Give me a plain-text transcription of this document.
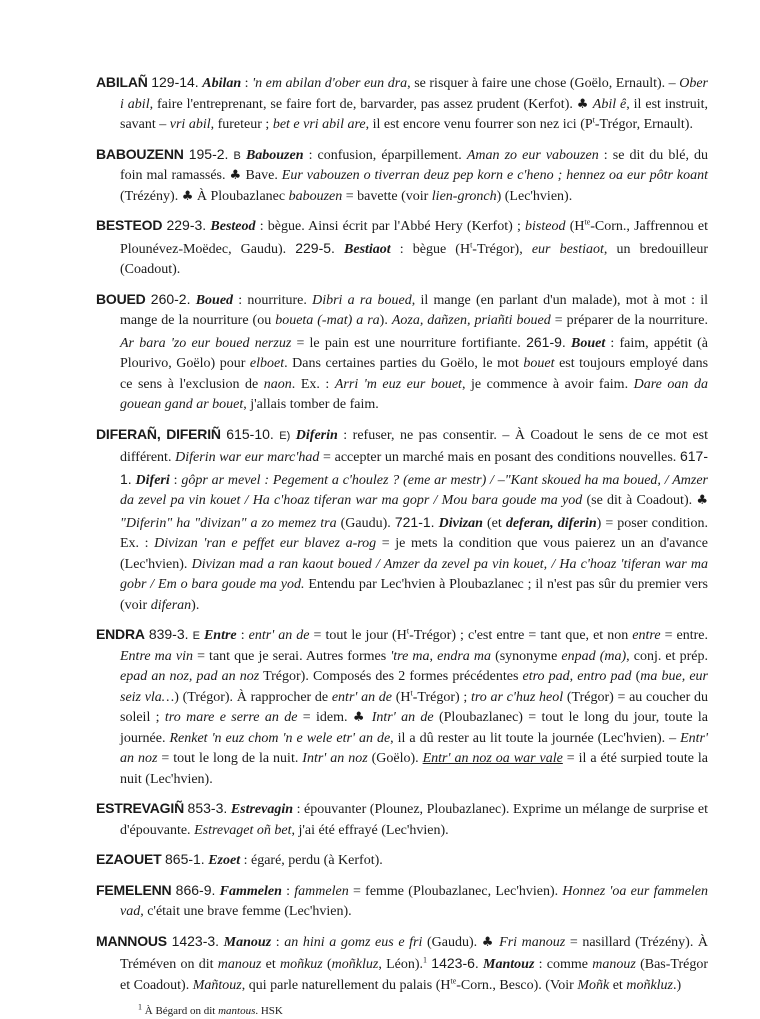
ABILAÑ 129-14. Abilan : 'n em abilan d'ober eun dra, se risquer à faire une chose (Goëlo, Ernault). – Ober i abil, faire l'entreprenant, se faire fort de, barvarder, pas assez prudent (Kerfot). ♣ Abil ê, il est instruit, savant – vri abil, fureteur ; bet e vri abil are, il est encore venu fourrer son nez ici ($P^t$-Trégor, Ernault).

BABOUZENN 195-2. B Babouzen : confusion, éparpillement. Aman zo eur vabouzen : se dit du blé, du foin mal ramassés. ♣ Bave. Eur vabouzen o tiverran deuz pep korn e c'heno ; hennez oa eur pôtr koant (Trézény). ♣ À Ploubazlanec babouzen = bavette (voir lien-gronch) (Lec'hvien).

BESTEOD 229-3. Besteod : bègue. Ainsi écrit par l'Abbé Hery (Kerfot) ; bisteod ($H^{te}$-Corn., Jaffrennou et Plounévez-Moëdec, Gaudu). 229-5. Bestiaot : bègue $(H^t-Trégor)$, eur bestiaot, un bredouilleur (Coadout).

BOUED 260-2. Boued : nourriture. Dibri a ra boued, il mange (en parlant d'un malade), mot à mot : il mange de la nourriture (ou boueta (-mat) a ra). Aoza, dañzen, priañti boued = préparer de la nourriture. Ar bara 'zo eur boued nerzuz = le pain est une nourriture fortifiante. 261-9. Bouet : faim, appétit (à Plourivo, Goëlo) pour elboet. Dans certaines parties du Goëlo, le mot bouet est toujours employé dans ce sens à l'exclusion de naon. Ex. : Arri 'm euz eur bouet, je commence à avoir faim. Dare oan da gouean gand ar bouet, j'allais tomber de faim.

DIFERAÑ, DIFERIÑ 615-10. E) Diferin : refuser, ne pas consentir. – À Coadout le sens de ce mot est différent. Diferin war eur marc'had = accepter un marché mais en posant des conditions nouvelles. 617-1. Diferi : gôpr ar mevel : Pegement a c'houlez ? (eme ar mestr) / –"Kant skoued ha ma boued, / Amzer da zevel pa vin kouet / Ha c'hoaz tiferan war ma gopr / Mou bara goude ma yod (se dit à Coadout). ♣ "Diferin" ha "divizan" a zo memez tra (Gaudu). 721-1. Divizan (et deferan, diferin) = poser condition. Ex. : Divizan 'ran e peffet eur blavez a-rog = je mets la condition que vous paierez un an d'avance (Lec'hvien). Divizan mad a ran kaout boued / Amzer da zevel pa vin kouet, / Ha c'hoaz 'tiferan war ma gobr / Em o bara goude ma yod. Entendu par Lec'hvien à Ploubazlanec ; il n'est pas sûr du premier vers (voir diferan).

ENDRA 839-3. E Entre : entr' an de = tout le jour $(H^t-Trégor)$ ; c'est entre = tant que, et non entre = entre. Entre ma vin = tant que je serai. Autres formes 'tre ma, endra ma (synonyme enpad (ma), conj. et prép. epad an noz, pad an noz Trégor). Composés des 2 formes précédentes etro pad, entro pad (ma bue, eur seiz vla…) (Trégor). À rapprocher de entr' an de $(H^t-Trégor)$ ; tro ar c'huz heol (Trégor) = au coucher du soleil ; tro mare e serre an de = idem. ♣ Intr' an de (Ploubazlanec) = tout le long du jour, toute la journée. Renket 'n euz chom 'n e wele etr' an de, il a dû rester au lit toute la journée (Lec'hvien). – Entr' an noz = tout le long de la nuit. Intr' an noz (Goëlo). Entr' an noz oa war vale = il a été surpied toute la nuit (Lec'hvien).

ESTREVAGIÑ 853-3. Estrevagin : épouvanter (Plounez, Ploubazlanec). Exprime un mélange de surprise et d'épouvante. Estrevaget oñ bet, j'ai été effrayé (Lec'hvien).

EZAOUET 865-1. Ezoet : égaré, perdu (à Kerfot).

FEMELENN 866-9. Fammelen : fammelen = femme (Ploubazlanec, Lec'hvien). Honnez 'oa eur fammelen vad, c'était une brave femme (Lec'hvien).

MANNOUS 1423-3. Manouz : an hini a gomz eus e fri (Gaudu). ♣ Fri manouz = nasillard (Trézény). À Tréméven on dit manouz et moñkuz (moñkluz, Léon).$^1$ 1423-6. Mantouz : comme manouz (Bas-Trégor et Coadout). Mañtouz, qui parle naturellement du palais ($H^{te}$-Corn., Besco). (Voir Moñk et moñkluz.)

$^1$ À Bégard on dit mantous. HSK
